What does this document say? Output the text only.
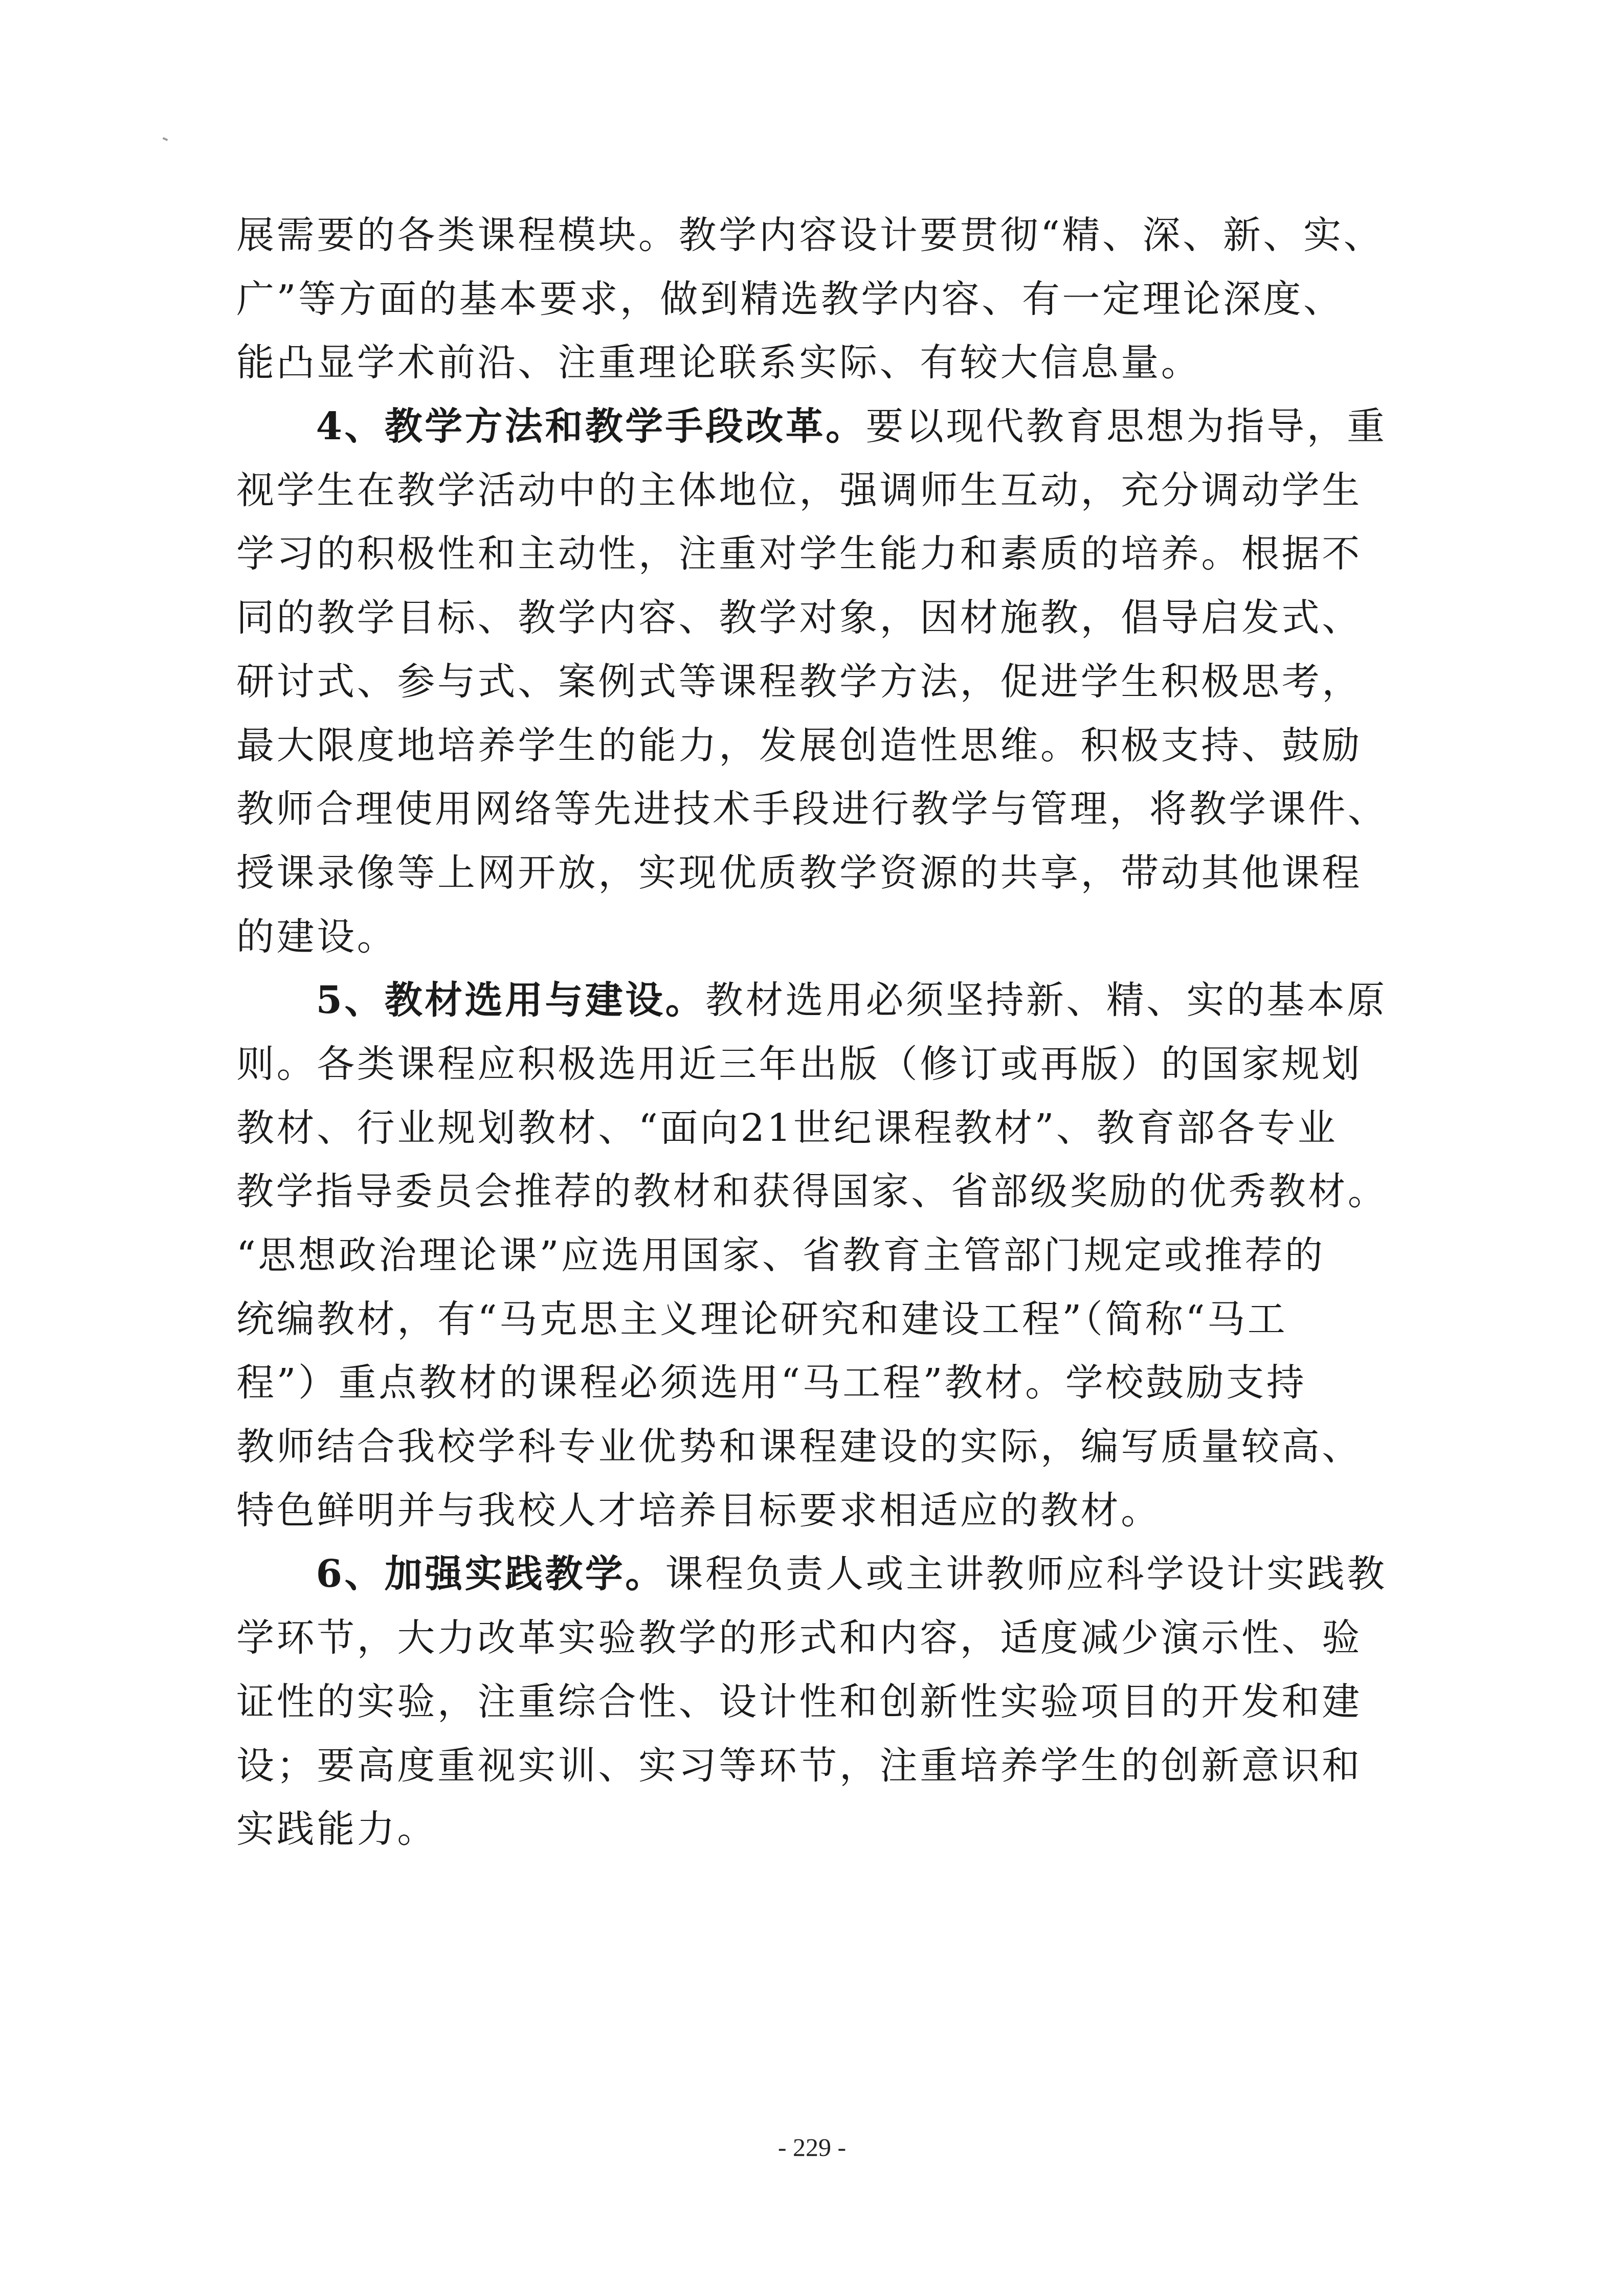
展需要的各类课程模块。教学内容设计要贯彻“精、深、新、实、
广”等方面的基本要求，做到精选教学内容、有一定理论深度、
能凸显学术前沿、注重理论联系实际、有较大信息量。
4、教学方法和教学手段改革。要以现代教育思想为指导，重
视学生在教学活动中的主体地位，强调师生互动，充分调动学生
学习的积极性和主动性，注重对学生能力和素质的培养。根据不
同的教学目标、教学内容、教学对象，因材施教，倡导启发式、
研讨式、参与式、案例式等课程教学方法，促进学生积极思考，
最大限度地培养学生的能力，发展创造性思维。积极支持、鼓励
教师合理使用网络等先进技术手段进行教学与管理，将教学课件、
授课录像等上网开放，实现优质教学资源的共享，带动其他课程
的建设。
5、教材选用与建设。教材选用必须坚持新、精、实的基本原
则。各类课程应积极选用近三年出版（修订或再版）的国家规划
教材、行业规划教材、“面向21世纪课程教材”、教育部各专业
教学指导委员会推荐的教材和获得国家、省部级奖励的优秀教材。
“思想政治理论课”应选用国家、省教育主管部门规定或推荐的
统编教材，有“马克思主义理论研究和建设工程”（简称“马工
程”）重点教材的课程必须选用“马工程”教材。学校鼓励支持
教师结合我校学科专业优势和课程建设的实际，编写质量较高、
特色鲜明并与我校人才培养目标要求相适应的教材。
6、加强实践教学。课程负责人或主讲教师应科学设计实践教
学环节，大力改革实验教学的形式和内容，适度减少演示性、验
证性的实验，注重综合性、设计性和创新性实验项目的开发和建
设；要高度重视实训、实习等环节，注重培养学生的创新意识和
实践能力。
- 229 -
